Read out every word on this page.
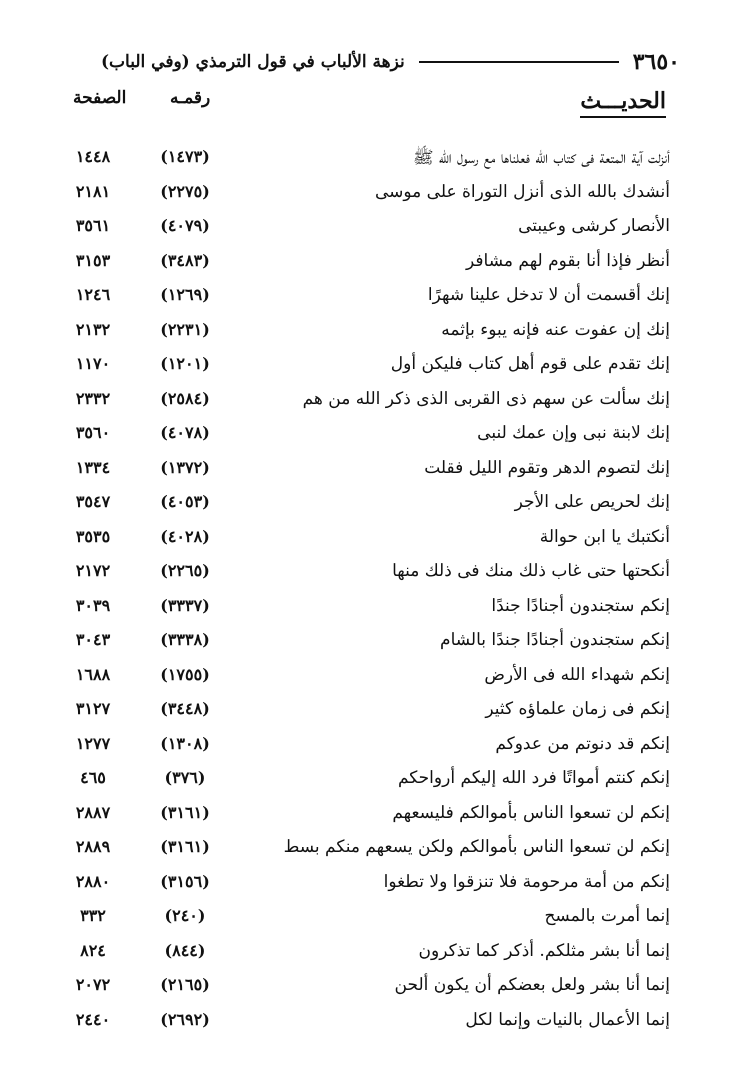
٣٦٥٠
نزهة الألباب في قول الترمذي (وفي الباب)
الحديـــث
رقمـه
الصفحة
أنزلت آية المتعة فى كتاب الله فعلناها مع رسول الله ﷺ
(١٤٧٣)
١٤٤٨
أنشدك بالله الذى أنزل التوراة على موسى
(٢٢٧٥)
٢١٨١
الأنصار كرشى وعيبتى
(٤٠٧٩)
٣٥٦١
أنظر فإذا أنا بقوم لهم مشافر
(٣٤٨٣)
٣١٥٣
إنك أقسمت أن لا تدخل علينا شهرًا
(١٢٦٩)
١٢٤٦
إنك إن عفوت عنه فإنه يبوء بإثمه
(٢٢٣١)
٢١٣٢
إنك تقدم على قوم أهل كتاب فليكن أول
(١٢٠١)
١١٧٠
إنك سألت عن سهم ذى القربى الذى ذكر الله من هم
(٢٥٨٤)
٢٣٣٢
إنك لابنة نبى وإن عمك لنبى
(٤٠٧٨)
٣٥٦٠
إنك لتصوم الدهر وتقوم الليل فقلت
(١٣٧٢)
١٣٣٤
إنك لحريص على الأجر
(٤٠٥٣)
٣٥٤٧
أنكتبك يا ابن حوالة
(٤٠٢٨)
٣٥٣٥
أنكحتها حتى غاب ذلك منك فى ذلك منها
(٢٢٦٥)
٢١٧٢
إنكم ستجندون أجنادًا جندًا
(٣٣٣٧)
٣٠٣٩
إنكم ستجندون أجنادًا جندًا بالشام
(٣٣٣٨)
٣٠٤٣
إنكم شهداء الله فى الأرض
(١٧٥٥)
١٦٨٨
إنكم فى زمان علماؤه كثير
(٣٤٤٨)
٣١٢٧
إنكم قد دنوتم من عدوكم
(١٣٠٨)
١٢٧٧
إنكم كنتم أمواتًا فرد الله إليكم أرواحكم
(٣٧٦)
٤٦٥
إنكم لن تسعوا الناس بأموالكم فليسعهم
(٣١٦١)
٢٨٨٧
إنكم لن تسعوا الناس بأموالكم ولكن يسعهم منكم بسط
(٣١٦١)
٢٨٨٩
إنكم من أمة مرحومة فلا تنزقوا ولا تطغوا
(٣١٥٦)
٢٨٨٠
إنما أمرت بالمسح
(٢٤٠)
٣٣٢
إنما أنا بشر مثلكم. أذكر كما تذكرون
(٨٤٤)
٨٢٤
إنما أنا بشر ولعل بعضكم أن يكون ألحن
(٢١٦٥)
٢٠٧٢
إنما الأعمال بالنيات وإنما لكل
(٢٦٩٢)
٢٤٤٠
